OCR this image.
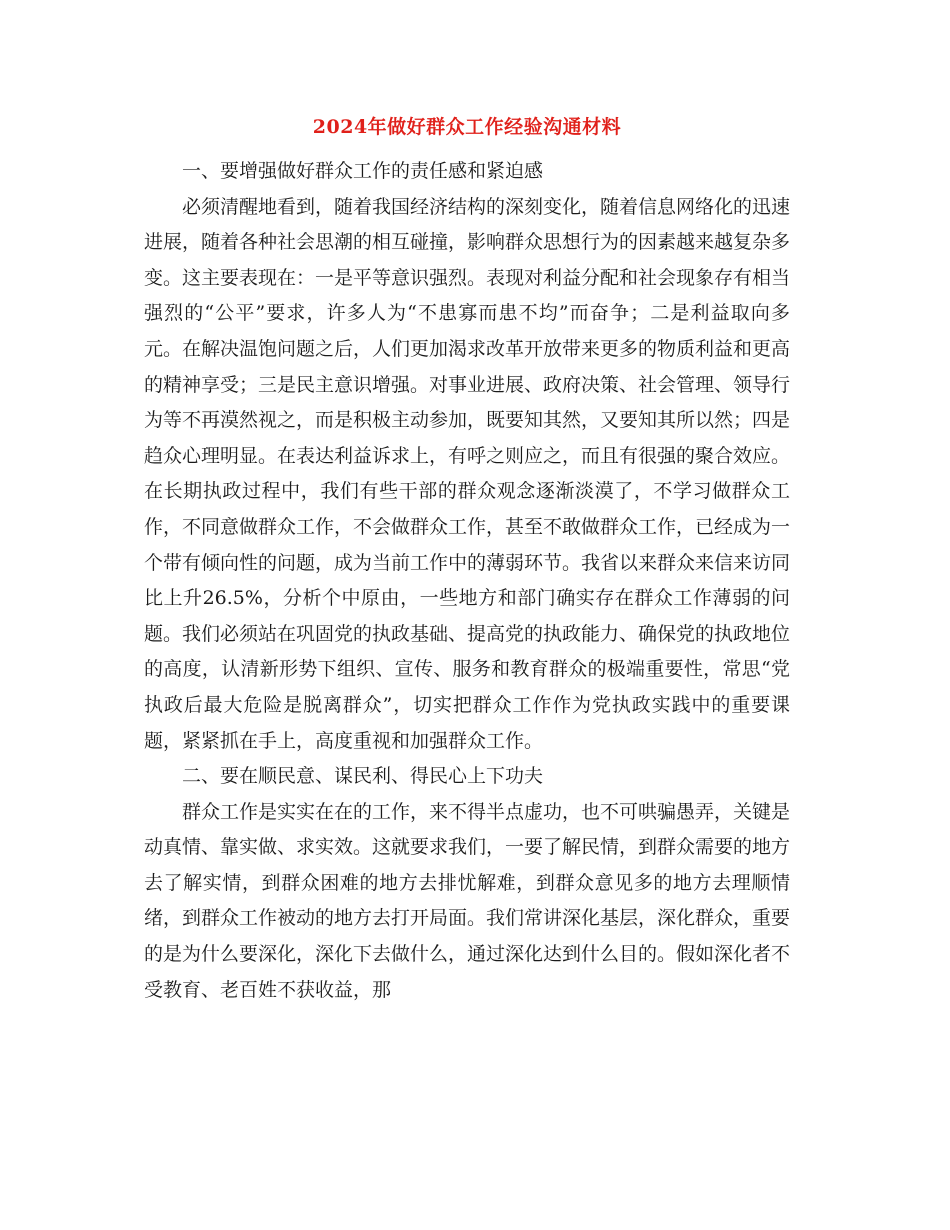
2024年做好群众工作经验沟通材料
一、要增强做好群众工作的责任感和紧迫感

必须清醒地看到，随着我国经济结构的深刻变化，随着信息网络化的迅速进展，随着各种社会思潮的相互碰撞，影响群众思想行为的因素越来越复杂多变。这主要表现在：一是平等意识强烈。表现对利益分配和社会现象存有相当强烈的“公平”要求，许多人为“不患寡而患不均”而奋争；二是利益取向多元。在解决温饱问题之后，人们更加渴求改革开放带来更多的物质利益和更高的精神享受；三是民主意识增强。对事业进展、政府决策、社会管理、领导行为等不再漠然视之，而是积极主动参加，既要知其然，又要知其所以然；四是趋众心理明显。在表达利益诉求上，有呼之则应之，而且有很强的聚合效应。在长期执政过程中，我们有些干部的群众观念逐渐淡漠了，不学习做群众工作，不同意做群众工作，不会做群众工作，甚至不敢做群众工作，已经成为一个带有倾向性的问题，成为当前工作中的薄弱环节。我省以来群众来信来访同比上升26.5%，分析个中原由，一些地方和部门确实存在群众工作薄弱的问题。我们必须站在巩固党的执政基础、提高党的执政能力、确保党的执政地位的高度，认清新形势下组织、宣传、服务和教育群众的极端重要性，常思“党执政后最大危险是脱离群众”，切实把群众工作作为党执政实践中的重要课题，紧紧抓在手上，高度重视和加强群众工作。

二、要在顺民意、谋民利、得民心上下功夫

群众工作是实实在在的工作，来不得半点虚功，也不可哄骗愚弄，关键是动真情、靠实做、求实效。这就要求我们，一要了解民情，到群众需要的地方去了解实情，到群众困难的地方去排忧解难，到群众意见多的地方去理顺情绪，到群众工作被动的地方去打开局面。我们常讲深化基层，深化群众，重要的是为什么要深化，深化下去做什么，通过深化达到什么目的。假如深化者不受教育、老百姓不获收益，那
